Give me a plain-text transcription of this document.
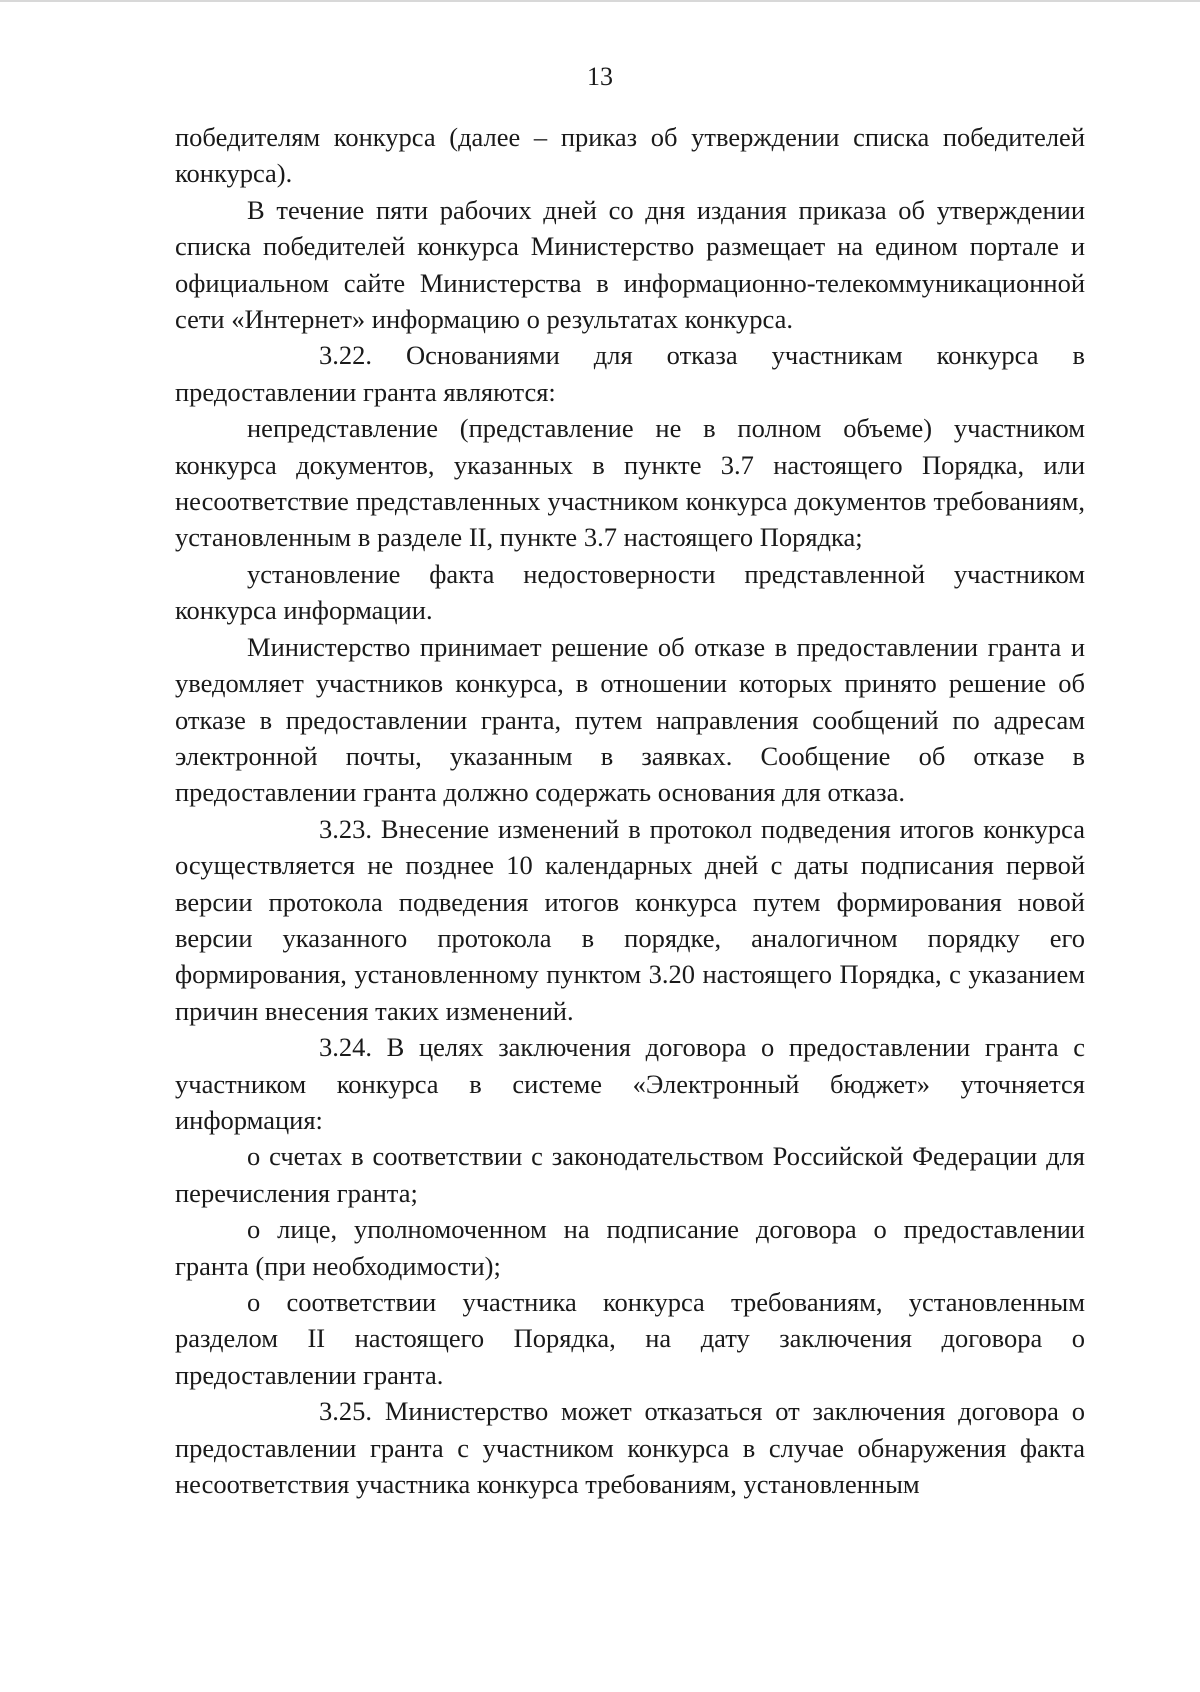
13

победителям конкурса (далее – приказ об утверждении списка победителей конкурса).

В течение пяти рабочих дней со дня издания приказа об утверждении списка победителей конкурса Министерство размещает на едином портале и официальном сайте Министерства в информационно-телекоммуникационной сети «Интернет» информацию о результатах конкурса.

3.22. Основаниями для отказа участникам конкурса в предоставлении гранта являются:

непредставление (представление не в полном объеме) участником конкурса документов, указанных в пункте 3.7 настоящего Порядка, или несоответствие представленных участником конкурса документов требованиям, установленным в разделе II, пункте 3.7 настоящего Порядка;

установление факта недостоверности представленной участником конкурса информации.

Министерство принимает решение об отказе в предоставлении гранта и уведомляет участников конкурса, в отношении которых принято решение об отказе в предоставлении гранта, путем направления сообщений по адресам электронной почты, указанным в заявках. Сообщение об отказе в предоставлении гранта должно содержать основания для отказа.

3.23. Внесение изменений в протокол подведения итогов конкурса осуществляется не позднее 10 календарных дней с даты подписания первой версии протокола подведения итогов конкурса путем формирования новой версии указанного протокола в порядке, аналогичном порядку его формирования, установленному пунктом 3.20 настоящего Порядка, с указанием причин внесения таких изменений.

3.24. В целях заключения договора о предоставлении гранта с участником конкурса в системе «Электронный бюджет» уточняется информация:

о счетах в соответствии с законодательством Российской Федерации для перечисления гранта;

о лице, уполномоченном на подписание договора о предоставлении гранта (при необходимости);

о соответствии участника конкурса требованиям, установленным разделом II настоящего Порядка, на дату заключения договора о предоставлении гранта.

3.25. Министерство может отказаться от заключения договора о предоставлении гранта с участником конкурса в случае обнаружения факта несоответствия участника конкурса требованиям, установленным
